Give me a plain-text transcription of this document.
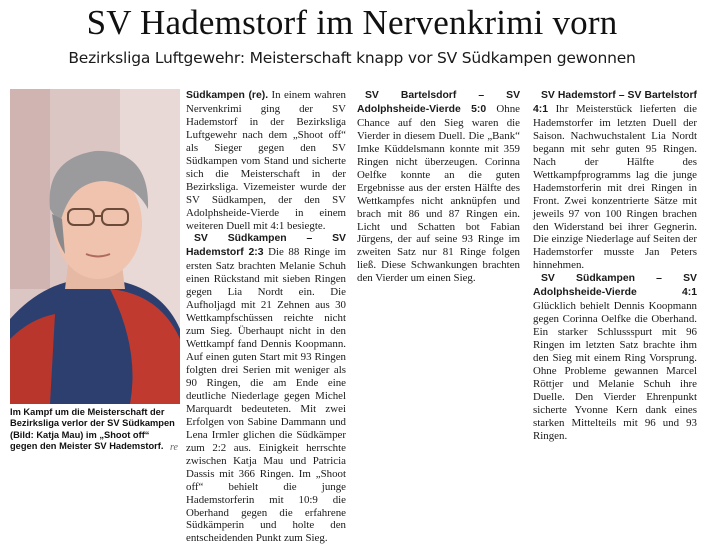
SV Hademstorf im Nervenkrimi vorn
Bezirksliga Luftgewehr: Meisterschaft knapp vor SV Südkampen gewonnen
Im Kampf um die Meisterschaft der Bezirksliga verlor der SV Südkampen (Bild: Katja Mau) im „Shoot off“ gegen den Meister SV Hademstorf. re

Südkampen (re). In einem wahren Nervenkrimi ging der SV Hademstorf in der Bezirksliga Luftgewehr nach dem „Shoot off“ als Sieger gegen den SV Südkampen vom Stand und sicherte sich die Meisterschaft in der Bezirksliga. Vizemeister wurde der SV Südkampen, der den SV Adolphsheide-Vierde in einem weiteren Duell mit 4:1 besiegte.

SV Südkampen – SV Hademstorf 2:3 Die 88 Ringe im ersten Satz brachten Melanie Schuh einen Rückstand mit sieben Ringen gegen Lia Nordt ein. Die Aufholjagd mit 21 Zehnen aus 30 Wettkampfschüssen reichte nicht zum Sieg. Überhaupt nicht in den Wettkampf fand Dennis Koopmann. Auf einen guten Start mit 93 Ringen folgten drei Serien mit weniger als 90 Ringen, die am Ende eine deutliche Niederlage gegen Michel Marquardt bedeuteten. Mit zwei Erfolgen von Sabine Dammann und Lena Irmler glichen die Südkämper zum 2:2 aus. Einigkeit herrschte zwischen Katja Mau und Patricia Dassis mit 366 Ringen. Im „Shoot off“ behielt die junge Hademstorferin mit 10:9 die Oberhand gegen die erfahrene Südkämperin und holte den entscheidenden Punkt zum Sieg.

SV Bartelsdorf – SV Adolphsheide-Vierde 5:0 Ohne Chance auf den Sieg waren die Vierder in diesem Duell. Die „Bank“ Imke Küddelsmann konnte mit 359 Ringen nicht überzeugen. Corinna Oelfke konnte an die guten Ergebnisse aus der ersten Hälfte des Wettkampfes nicht anknüpfen und brach mit 86 und 87 Ringen ein. Licht und Schatten bot Fabian Jürgens, der auf seine 93 Ringe im zweiten Satz nur 81 Ringe folgen ließ. Diese Schwankungen brachten den Vierder um einen Sieg.

SV Hademstorf – SV Bartelstorf 4:1 Ihr Meisterstück lieferten die Hademstorfer im letzten Duell der Saison. Nachwuchstalent Lia Nordt begann mit sehr guten 95 Ringen. Nach der Hälfte des Wettkampfprogramms lag die junge Hademstorferin mit drei Ringen in Front. Zwei konzentrierte Sätze mit jeweils 97 von 100 Ringen brachen den Widerstand bei ihrer Gegnerin. Die einzige Niederlage auf Seiten der Hademstorfer musste Jan Peters hinnehmen.

SV Südkampen – SV Adolphsheide-Vierde 4:1 Glücklich behielt Dennis Koopmann gegen Corinna Oelfke die Oberhand. Ein starker Schlussspurt mit 96 Ringen im letzten Satz brachte ihm den Sieg mit einem Ring Vorsprung. Ohne Probleme gewannen Marcel Röttjer und Melanie Schuh ihre Duelle. Den Vierder Ehrenpunkt sicherte Yvonne Kern dank eines starken Mittelteils mit 96 und 93 Ringen.
